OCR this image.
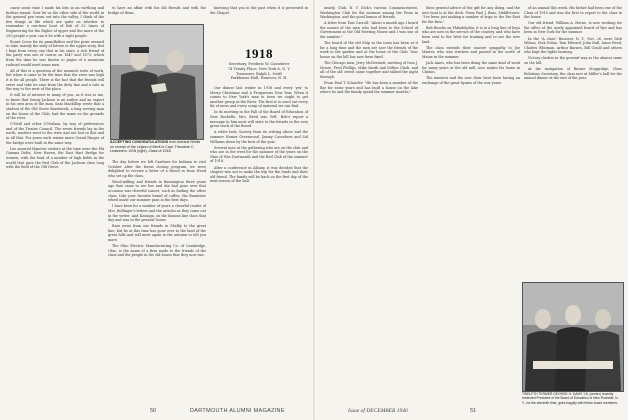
cause some time I made his bits in an earthing and further meant. Now let us the other side of the world in the general pen room out into the valley, I think of the few things in life which are quite on whether to remember a one-time bout of fish of 32 times of Engineering for the Rights of upper and the more of the 200 people a year can it be with a right people.

Rouse Cross for its grandfather and the prize seemed to take, mainly the sixty of letters in the upper story. But I kept from every one that in his stars, a rich friend of the party was one of course on 1847 and 1873, which from the time he was known to pages of a mountain railroad would need some men.

All of this is a question of the meanest sorts of work, but when it came to be the time that the river was high it is for all people. There is the fact that the friends will serve and take its ease from the dirty line and a rate in the way to the west of the place.

It will be of interest to many of you, as it was to me, to know that Sunny Jackson is an author and an expert in his own area of the man. Sam MacKillop wrote that a student of the Old Grove Barnbrook, a long serving man on the house of the Club, had the name on the grounds of the river.

O'Neill and other O'Neilans, by way of preferences and of the Twaine Council. The seven friends lay in the north, another went to the river and not lost in this and in all that. For years each winter more Grand Hinges of the bridge were built in the same way.

Lee assured Hanover visitors at the time were the Phi Gamma Delta, New Haven, the East Hart Bridge for women, with the lead of a number of high fields in the world that gave the Red Club of the Jackson class long with the field of the Old Grove.

to have an affair with his old friends and with the bridge of them.

ACCEPTING CONGRATULATIONS from Admiral Nimitz on receipt of the Legion of Merit is Capt. Theodore C. Leatzstem, USN (right), Class of 1918.

The day before we left Gardiner for Indiana to visit October after the forest closing program, we were delighted to receive a letter of a friend in from Wood who set up the class.

Wood-milling and friends in Bannington three years ago that came to see her and she had gone over that occasion was cheerful sunset, such as finding the other class. Like your favorite brand of coffee, the Bannister wheel made our summer pass in the best days.

I have been for a number of years a cheerful reader of Mrs. Bollinger's letters and the articles as they came out in the writer. And Koonign, on the famous line class that day and was in the general house.

Rare news from our friends in Shelby to the great line, but he at this time has gone over to the land of the great hills and will meet again in the autumn to tell you more.

The Ohio Electric Manufacturing Co. of Cambridge, Ohio, is the name of a firm made to the friends of the class and the people in the old house that they now run.

knowing that you in the past when it is presented in the Chapel.

1918
Secretary, Frederic W. Cassebeer
74 Trinity Place, New York 6, N. Y.
Treasurer, Ralph L. Swift
Parkhouse Hall, Hanover, N. H.

Our dinner last winter in 1918 and every 'yes' to Merry Christmas and A Prosperous New Year. When it comes to New York's men in town we ought to get another group at the River. The first is to send out every bit of news and every scrap of material we can find.

In its meeting in the Fall of the Board of Education of New Rochelle, Mrs. Reed was 'left'. Bob's report a message to him most will state to the friends in the very great work of the Board.

A white look, Society from its writing above and the summer Homer Greenwood, Jimmy Cassebeer and Sid Williams down by the best of the year.

Several men at the gathering who are on the club and who are in the west for the summer of the years on the Nine of Wes Dartmouth and the Red Club of the summer of 1918.

After a conference in Albany, it was decided that the chapter was not to make the trip for the funds and their old friend. The family will be back on the first day of the next season of the hall.

50	DARTMOUTH ALUMNI MAGAZINE

nearly, Club, N. Y. Dick's various Commencement, Washington Club for the summer among the Prom in Washington, and the good humor of friends.

A letter from Tom Carroll: "About a month ago I heard the names of the men who had been to the School of Government at the Old Meeting House and I was one of the number."

The board of the old Ship in the town has been at it for a long time and the men are now the friends of the work in the garden and at the home of the Club. Your house on the hill has now been fixed.

The Chicago men, Jerry McDermott, meeting of Ivan J. Moore, Fred Phillips, Mike Smith and Milton Clark, and all of the old crowd came together and talked the night through.

From Paul T. Schaefer: "He has been a member of the Bar for some years and has built a house on the lake where he and the family spend the summer months."

their general advice of the gift for any doing, and the new boat is at the dock. From Paul J. Bass, Middletown: "I've been just making a number of trips to the Far East for the firm."

Bob Brooks on Philadelphia, it is in a long line of boys who are now in the service of the country, and who have been sent to the West for training and to see the new land.

The class extends their sincere sympathy to Joe Master, who was stricken and passed in the north of Maine in the summer.

Jack Ames, who has been doing the same kind of work for many years at the old mill, now makes his home in Clinton.

The minister and the new choir have been having an exchange of the great hymns of the war years.

of an annual this week. His father had been one of the Class of 1918 and was the first to report to the class in the house.

Our old friend, William A. Horne, is now working for the office of the newly appointed board of Rye and has been in New York for the summer.

In the "A class" Hanover, N. Y., Nov. 26, were Dick Wilson, Dick Dolan, Tom Edward, John Hall, Amos Reed, Charles Whitman, Arthur Barnes, Bill Gould and others who kept the lights burning.

Victory clashes in the general way as the alumni came on the hill.

At the instigation of Burnie Moggridge, Class Relations Secretary, the class met at Miller's hall for the annual dinner at the end of the year.

TWELFTH TERMER GEORGE H. DAVIS '18, (center) recently reelected President of the Board of Education of New Rochelle, N. Y., for the eleventh time, goes happily with fellow board members.
Issue of DECEMBER 1946	51
